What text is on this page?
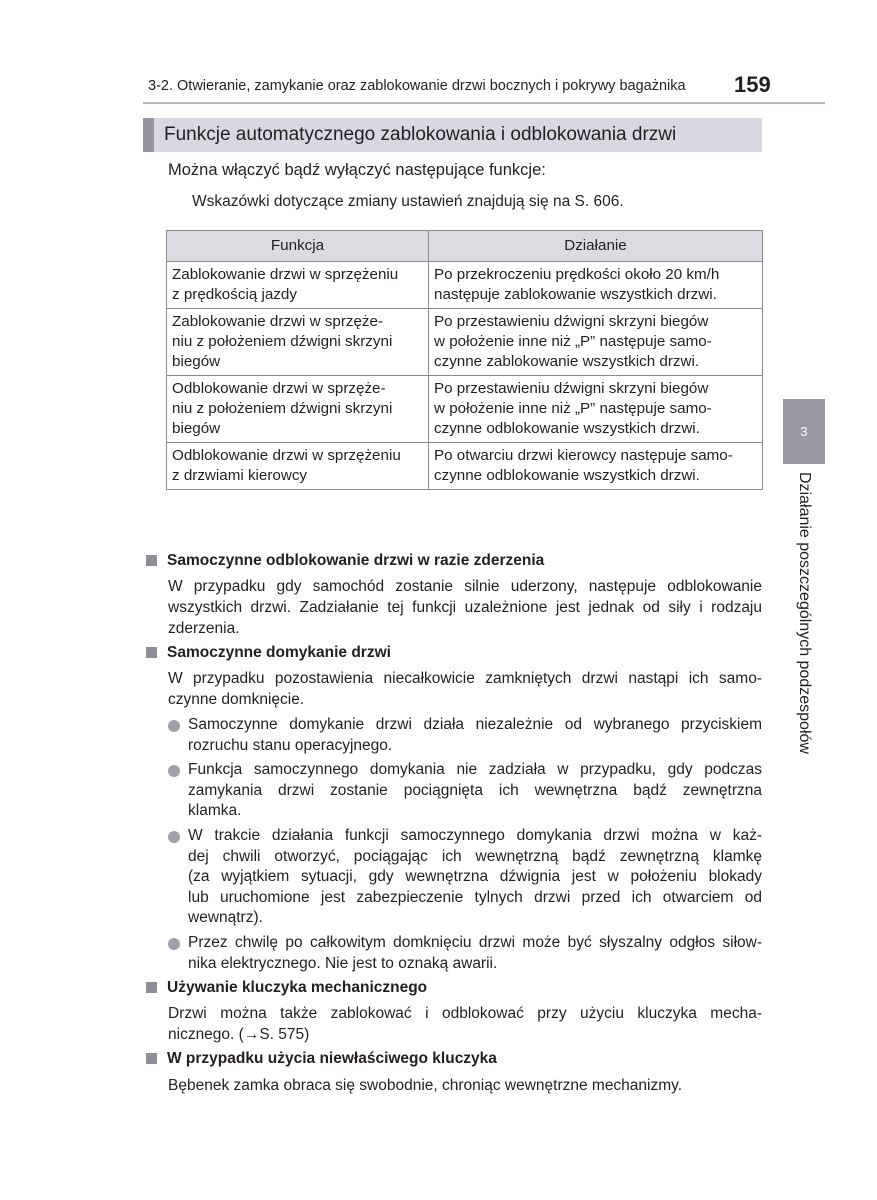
3-2. Otwieranie, zamykanie oraz zablokowanie drzwi bocznych i pokrywy bagażnika	159
Funkcje automatycznego zablokowania i odblokowania drzwi
Można włączyć bądź wyłączyć następujące funkcje:
Wskazówki dotyczące zmiany ustawień znajdują się na S. 606.
Funkcja	Działanie

Zablokowanie drzwi w sprzężeniu
z prędkością jazdy	Po przekroczeniu prędkości około 20 km/h
następuje zablokowanie wszystkich drzwi.

Zablokowanie drzwi w sprzęże-
niu z położeniem dźwigni skrzyni
biegów	Po przestawieniu dźwigni skrzyni biegów
w położenie inne niż „P” następuje samo-
czynne zablokowanie wszystkich drzwi.

Odblokowanie drzwi w sprzęże-
niu z położeniem dźwigni skrzyni
biegów	Po przestawieniu dźwigni skrzyni biegów
w położenie inne niż „P” następuje samo-
czynne odblokowanie wszystkich drzwi.

Odblokowanie drzwi w sprzężeniu
z drzwiami kierowcy	Po otwarciu drzwi kierowcy następuje samo-
czynne odblokowanie wszystkich drzwi.
3
Działanie poszczególnych podzespołów
Samoczynne odblokowanie drzwi w razie zderzenia
W przypadku gdy samochód zostanie silnie uderzony, następuje odblokowanie
wszystkich drzwi. Zadziałanie tej funkcji uzależnione jest jednak od siły i rodzaju
zderzenia.
Samoczynne domykanie drzwi
W przypadku pozostawienia niecałkowicie zamkniętych drzwi nastąpi ich samo-
czynne domknięcie.
Samoczynne domykanie drzwi działa niezależnie od wybranego przyciskiem
rozruchu stanu operacyjnego.
Funkcja samoczynnego domykania nie zadziała w przypadku, gdy podczas
zamykania drzwi zostanie pociągnięta ich wewnętrzna bądź zewnętrzna
klamka.
W trakcie działania funkcji samoczynnego domykania drzwi można w każ-
dej chwili otworzyć, pociągając ich wewnętrzną bądź zewnętrzną klamkę
(za wyjątkiem sytuacji, gdy wewnętrzna dźwignia jest w położeniu blokady
lub uruchomione jest zabezpieczenie tylnych drzwi przed ich otwarciem od
wewnątrz).
Przez chwilę po całkowitym domknięciu drzwi może być słyszalny odgłos siłow-
nika elektrycznego. Nie jest to oznaką awarii.
Używanie kluczyka mechanicznego
Drzwi można także zablokować i odblokować przy użyciu kluczyka mecha-
nicznego. (→S. 575)
W przypadku użycia niewłaściwego kluczyka
Bębenek zamka obraca się swobodnie, chroniąc wewnętrzne mechanizmy.
